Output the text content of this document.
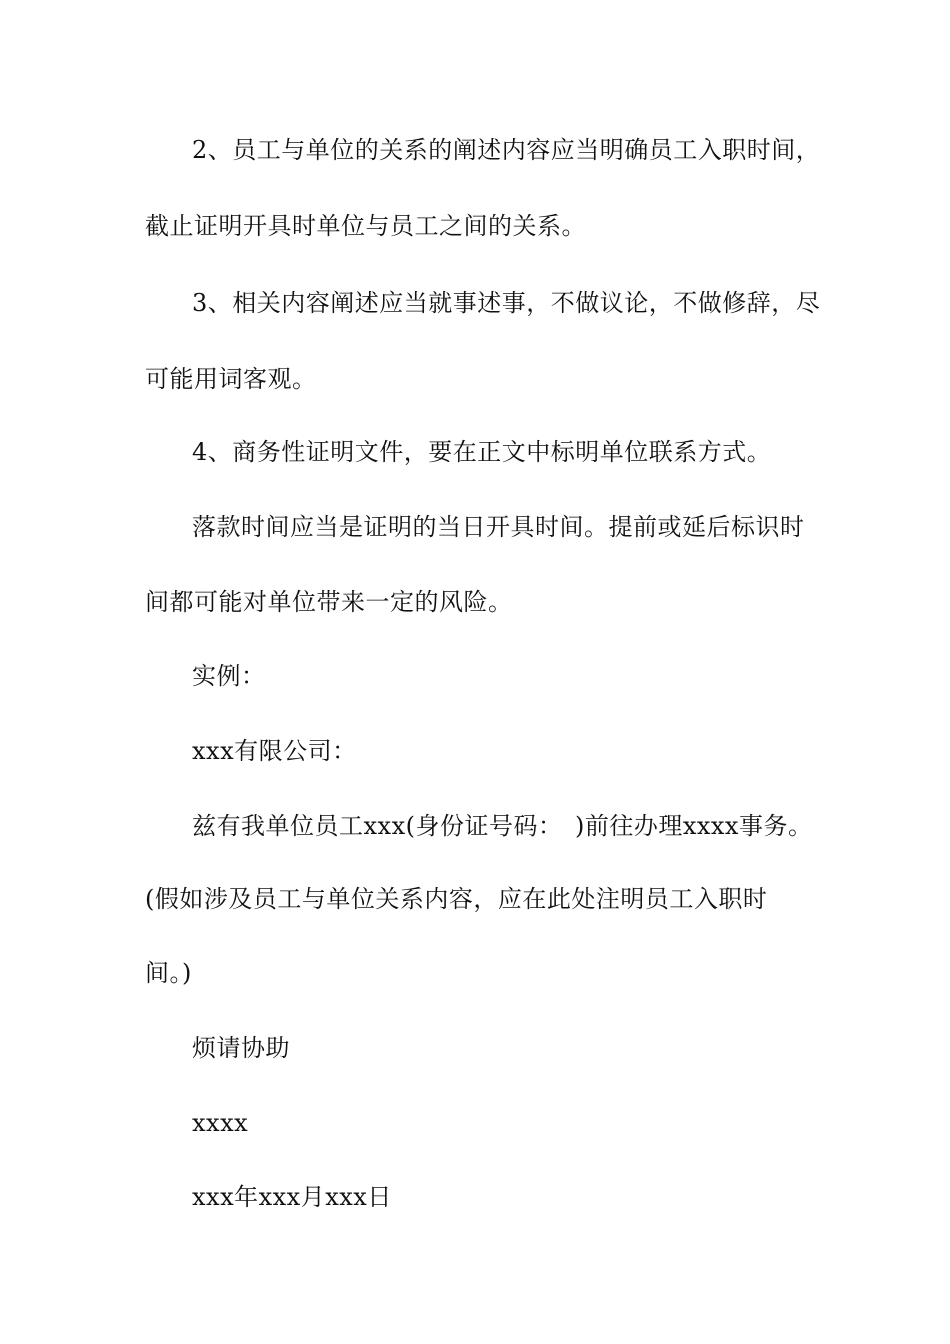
2、员工与单位的关系的阐述内容应当明确员工入职时间，
截止证明开具时单位与员工之间的关系。
3、相关内容阐述应当就事述事，不做议论，不做修辞，尽
可能用词客观。
4、商务性证明文件，要在正文中标明单位联系方式。
落款时间应当是证明的当日开具时间。提前或延后标识时
间都可能对单位带来一定的风险。
实例：
xxx有限公司：
兹有我单位员工xxx(身份证号码：　)前往办理xxxx事务。
(假如涉及员工与单位关系内容，应在此处注明员工入职时
间。)
烦请协助
xxxx
xxx年xxx月xxx日
